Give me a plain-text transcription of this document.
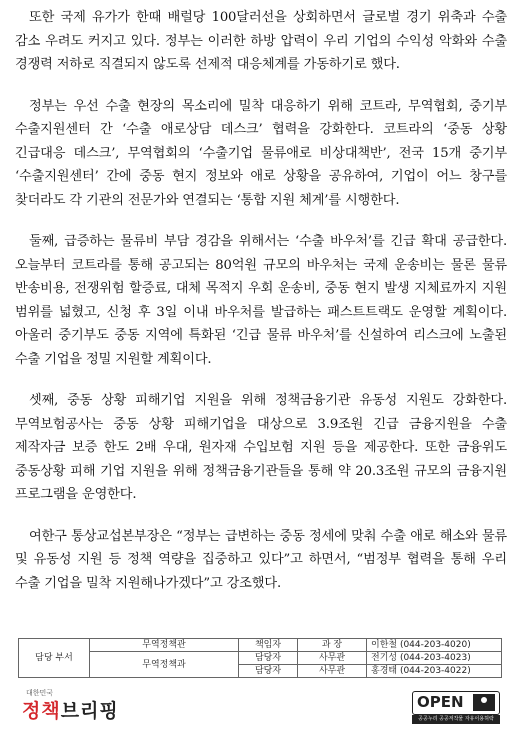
또한 국제 유가가 한때 배럴당 100달러선을 상회하면서 글로벌 경기 위축과 수출 감소 우려도 커지고 있다. 정부는 이러한 하방 압력이 우리 기업의 수익성 악화와 수출 경쟁력 저하로 직결되지 않도록 선제적 대응체계를 가동하기로 했다.

정부는 우선 수출 현장의 목소리에 밀착 대응하기 위해 코트라, 무역협회, 중기부 수출지원센터 간 ‘수출 애로상담 데스크’ 협력을 강화한다. 코트라의 ‘중동 상황 긴급대응 데스크’, 무역협회의 ‘수출기업 물류애로 비상대책반’, 전국 15개 중기부 ‘수출지원센터’ 간에 중동 현지 정보와 애로 상황을 공유하여, 기업이 어느 창구를 찾더라도 각 기관의 전문가와 연결되는 ‘통합 지원 체계’를 시행한다.

둘째, 급증하는 물류비 부담 경감을 위해서는 ‘수출 바우처’를 긴급 확대 공급한다. 오늘부터 코트라를 통해 공고되는 80억원 규모의 바우처는 국제 운송비는 물론 물류 반송비용, 전쟁위험 할증료, 대체 목적지 우회 운송비, 중동 현지 발생 지체료까지 지원 범위를 넓혔고, 신청 후 3일 이내 바우처를 발급하는 패스트트랙도 운영할 계획이다. 아울러 중기부도 중동 지역에 특화된 ‘긴급 물류 바우처’를 신설하여 리스크에 노출된 수출 기업을 정밀 지원할 계획이다.

셋째, 중동 상황 피해기업 지원을 위해 정책금융기관 유동성 지원도 강화한다. 무역보험공사는 중동 상황 피해기업을 대상으로 3.9조원 긴급 금융지원을 수출 제작자금 보증 한도 2배 우대, 원자재 수입보험 지원 등을 제공한다. 또한 금융위도 중동상황 피해 기업 지원을 위해 정책금융기관들을 통해 약 20.3조원 규모의 금융지원 프로그램을 운영한다.

여한구 통상교섭본부장은 “정부는 급변하는 중동 정세에 맞춰 수출 애로 해소와 물류 및 유동성 지원 등 정책 역량을 집중하고 있다”고 하면서, “범정부 협력을 통해 우리 수출 기업을 밀착 지원해나가겠다”고 강조했다.

담당 부서	무역정책관	책임자	과 장	이한철 (044-203-4020)
	무역정책과	담당자	사무관	전기성 (044-203-4023)
		담당자	사무관	홍경태 (044-203-4022)
대한민국
정책브리핑	OPEN
공공누리 공공저작물 자유이용허락
